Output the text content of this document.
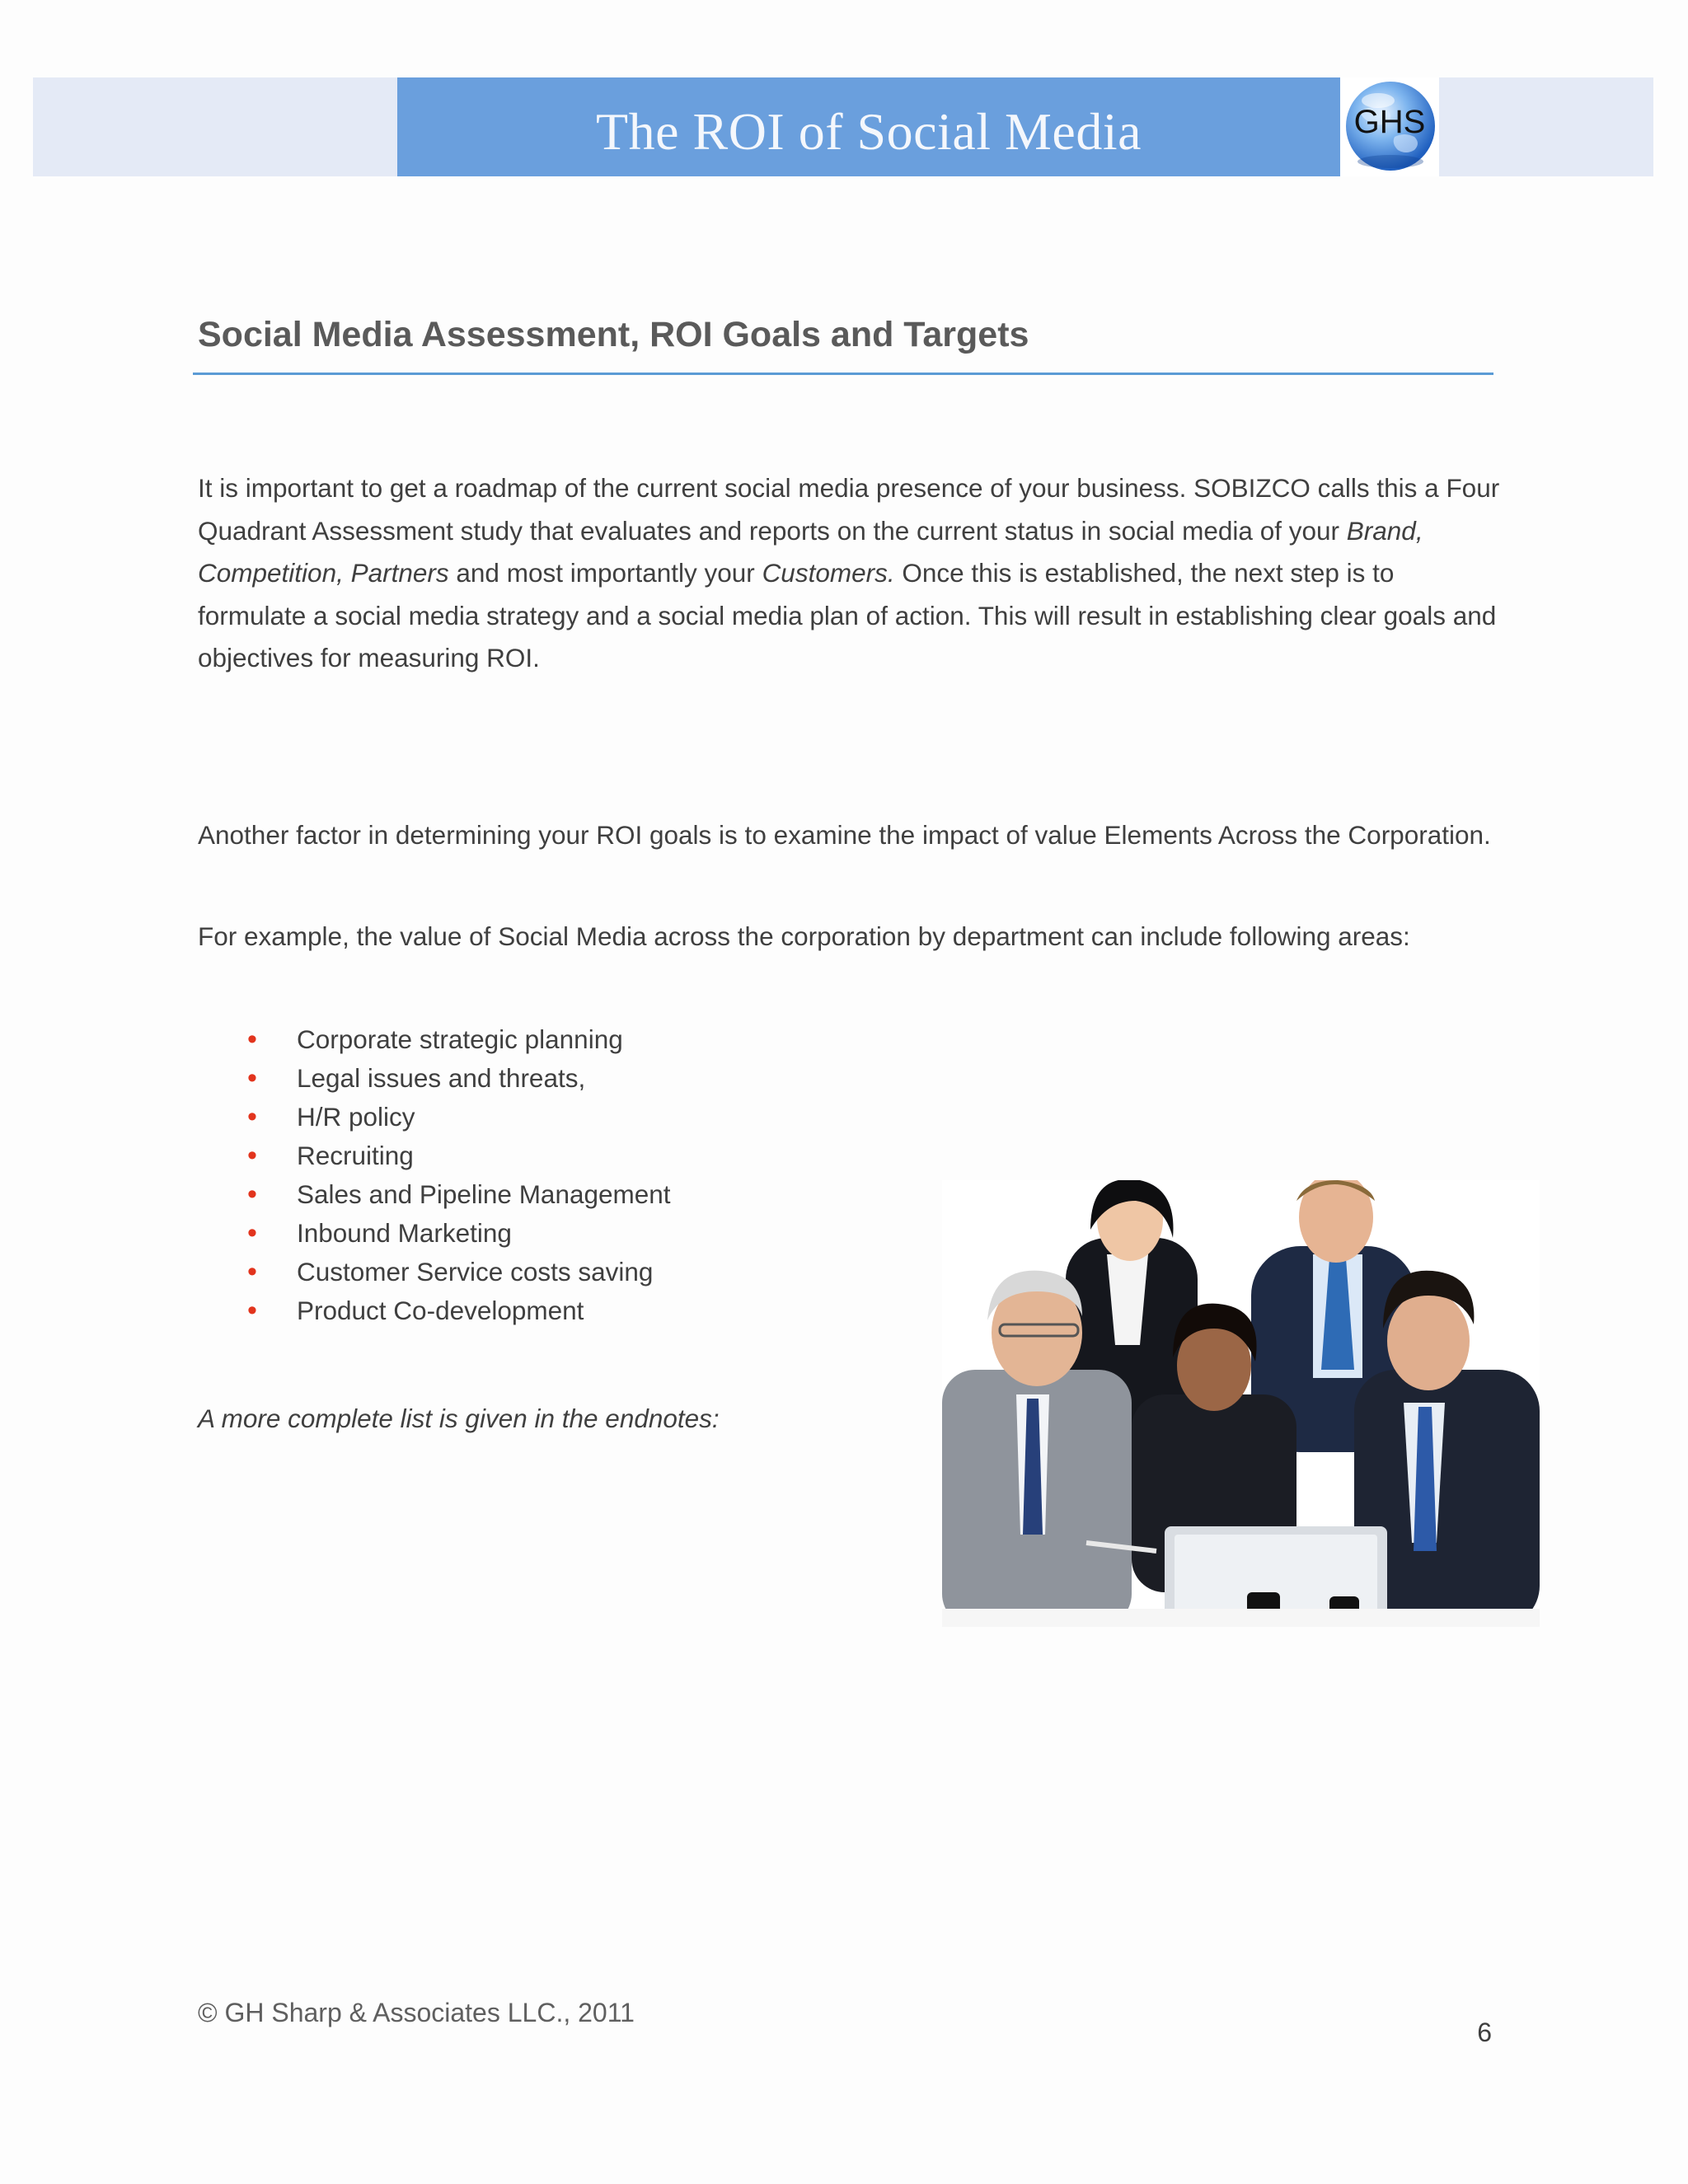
The ROI of Social Media	GHS
Social Media Assessment, ROI Goals and Targets
It is important to get a roadmap of the current social media presence of your business. SOBIZCO calls this a Four Quadrant Assessment study that evaluates and reports on the current status in social media of your Brand, Competition, Partners and most importantly your Customers. Once this is established, the next step is to formulate a social media strategy and a social media plan of action. This will result in establishing clear goals and objectives for measuring ROI.
Another factor in determining your ROI goals is to examine the impact of value Elements Across the Corporation.
For example, the value of Social Media across the corporation by department can include following areas:
• Corporate strategic planning
• Legal issues and threats,
• H/R policy
• Recruiting
• Sales and Pipeline Management
• Inbound Marketing
• Customer Service costs saving
• Product Co-development
A more complete list is given in the endnotes:
© GH Sharp & Associates LLC., 2011
6
